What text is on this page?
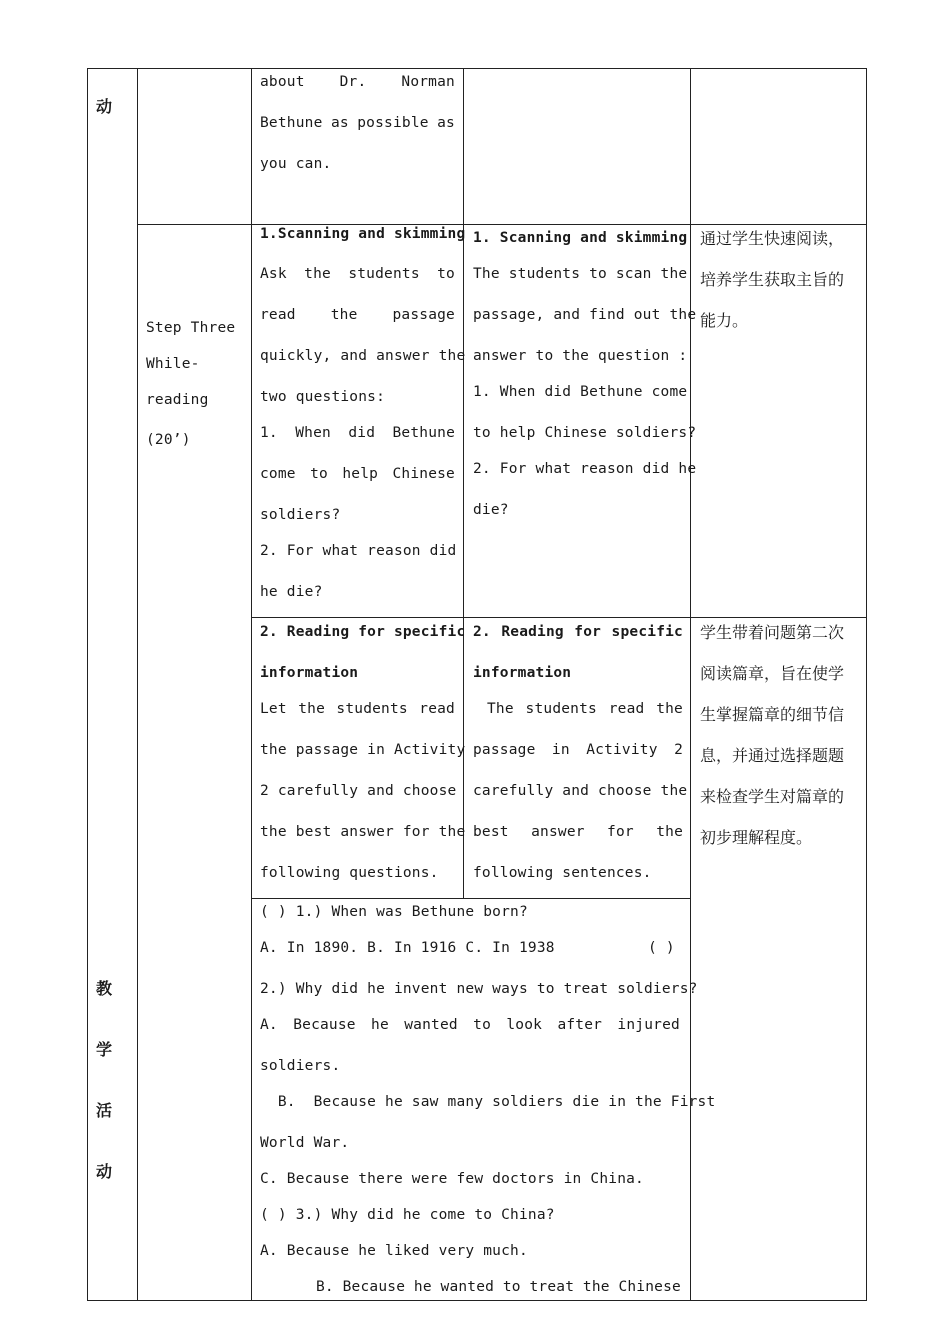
动
教
学
活
动
Step Three
While-
reading
(20’)
about Dr. Norman
Bethune as possible as
you can.
1.Scanning and skimming
Ask the students to
read the passage
quickly, and answer the
two questions:
1. When did Bethune
come to help Chinese
soldiers?
2. For what reason did
he die?
1. Scanning and skimming
The students to scan the
passage, and find out the
answer to the question :
1. When did Bethune come
to help Chinese soldiers?
2. For what reason did he
die?
通过学生快速阅读，
培养学生获取主旨的
能力。
2. Reading for specific
information
Let the students read
the passage in Activity
2 carefully and choose
the best answer for the
following questions.
2. Reading for specific
information
The students read the
passage in Activity 2
carefully and choose the
best answer for the
following sentences.
学生带着问题第二次
阅读篇章，旨在使学
生掌握篇章的细节信
息，并通过选择题题
来检查学生对篇章的
初步理解程度。
( ) 1.) When was Bethune born?
A. In 1890. B. In 1916 C. In 1938	( )
2.) Why did he invent new ways to treat soldiers?
A. Because he wanted to look after injured
soldiers.
B.  Because he saw many soldiers die in the First
World War.
C. Because there were few doctors in China.
( ) 3.) Why did he come to China?
A. Because he liked very much.
B. Because he wanted to treat the Chinese
